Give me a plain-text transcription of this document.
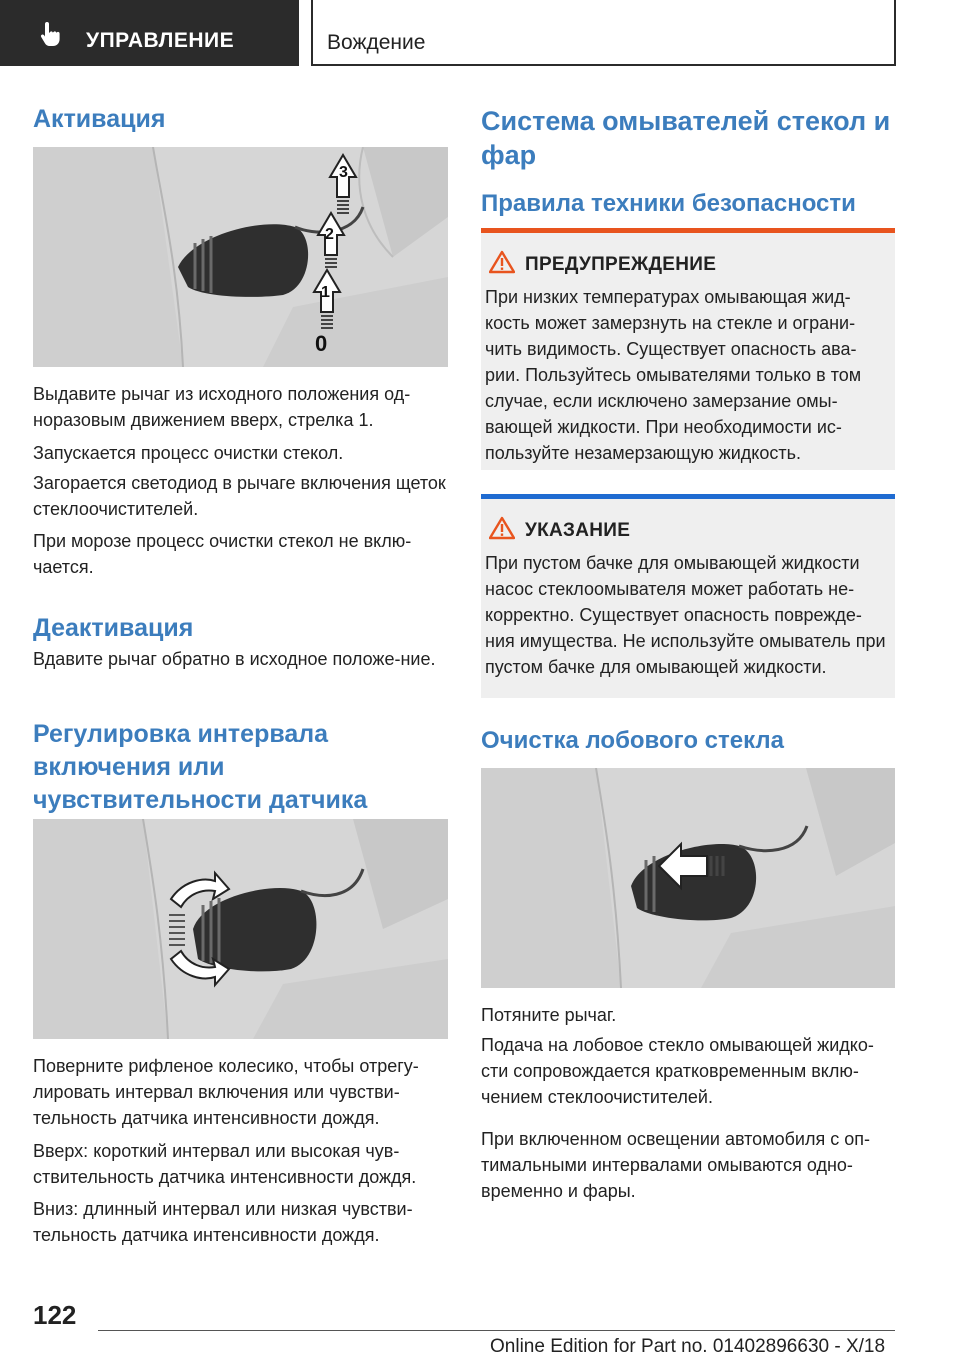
УПРАВЛЕНИЕ	Вождение
Активация
3
2
1
0

Выдавите рычаг из исходного положения од-норазовым движением вверх, стрелка 1.

Запускается процесс очистки стекол.

Загорается светодиод в рычаге включения щеток стеклоочистителей.

При морозе процесс очистки стекол не вклю-чается.

Деактивация

Вдавите рычаг обратно в исходное положе-ние.

Регулировка интервала включения или чувствительности датчика

Поверните рифленое колесико, чтобы отрегу-лировать интервал включения или чувстви-тельность датчика интенсивности дождя.

Вверх: короткий интервал или высокая чув-ствительность датчика интенсивности дождя.

Вниз: длинный интервал или низкая чувстви-тельность датчика интенсивности дождя.

Система омывателей стекол и фар
Правила техники безопасности
ПРЕДУПРЕЖДЕНИЕ

При низких температурах омывающая жид-кость может замерзнуть на стекле и ограни-чить видимость. Существует опасность ава-рии. Пользуйтесь омывателями только в том случае, если исключено замерзание омы-вающей жидкости. При необходимости ис-пользуйте незамерзающую жидкость.

УКАЗАНИЕ

При пустом бачке для омывающей жидкости насос стеклоомывателя может работать не-корректно. Существует опасность поврежде-ния имущества. Не используйте омыватель при пустом бачке для омывающей жидкости.

Очистка лобового стекла

Потяните рычаг.

Подача на лобовое стекло омывающей жидко-сти сопровождается кратковременным вклю-чением стеклоочистителей.

При включенном освещении автомобиля с оп-тимальными интервалами омываются одно-временно и фары.

122
Online Edition for Part no. 01402896630 - X/18
